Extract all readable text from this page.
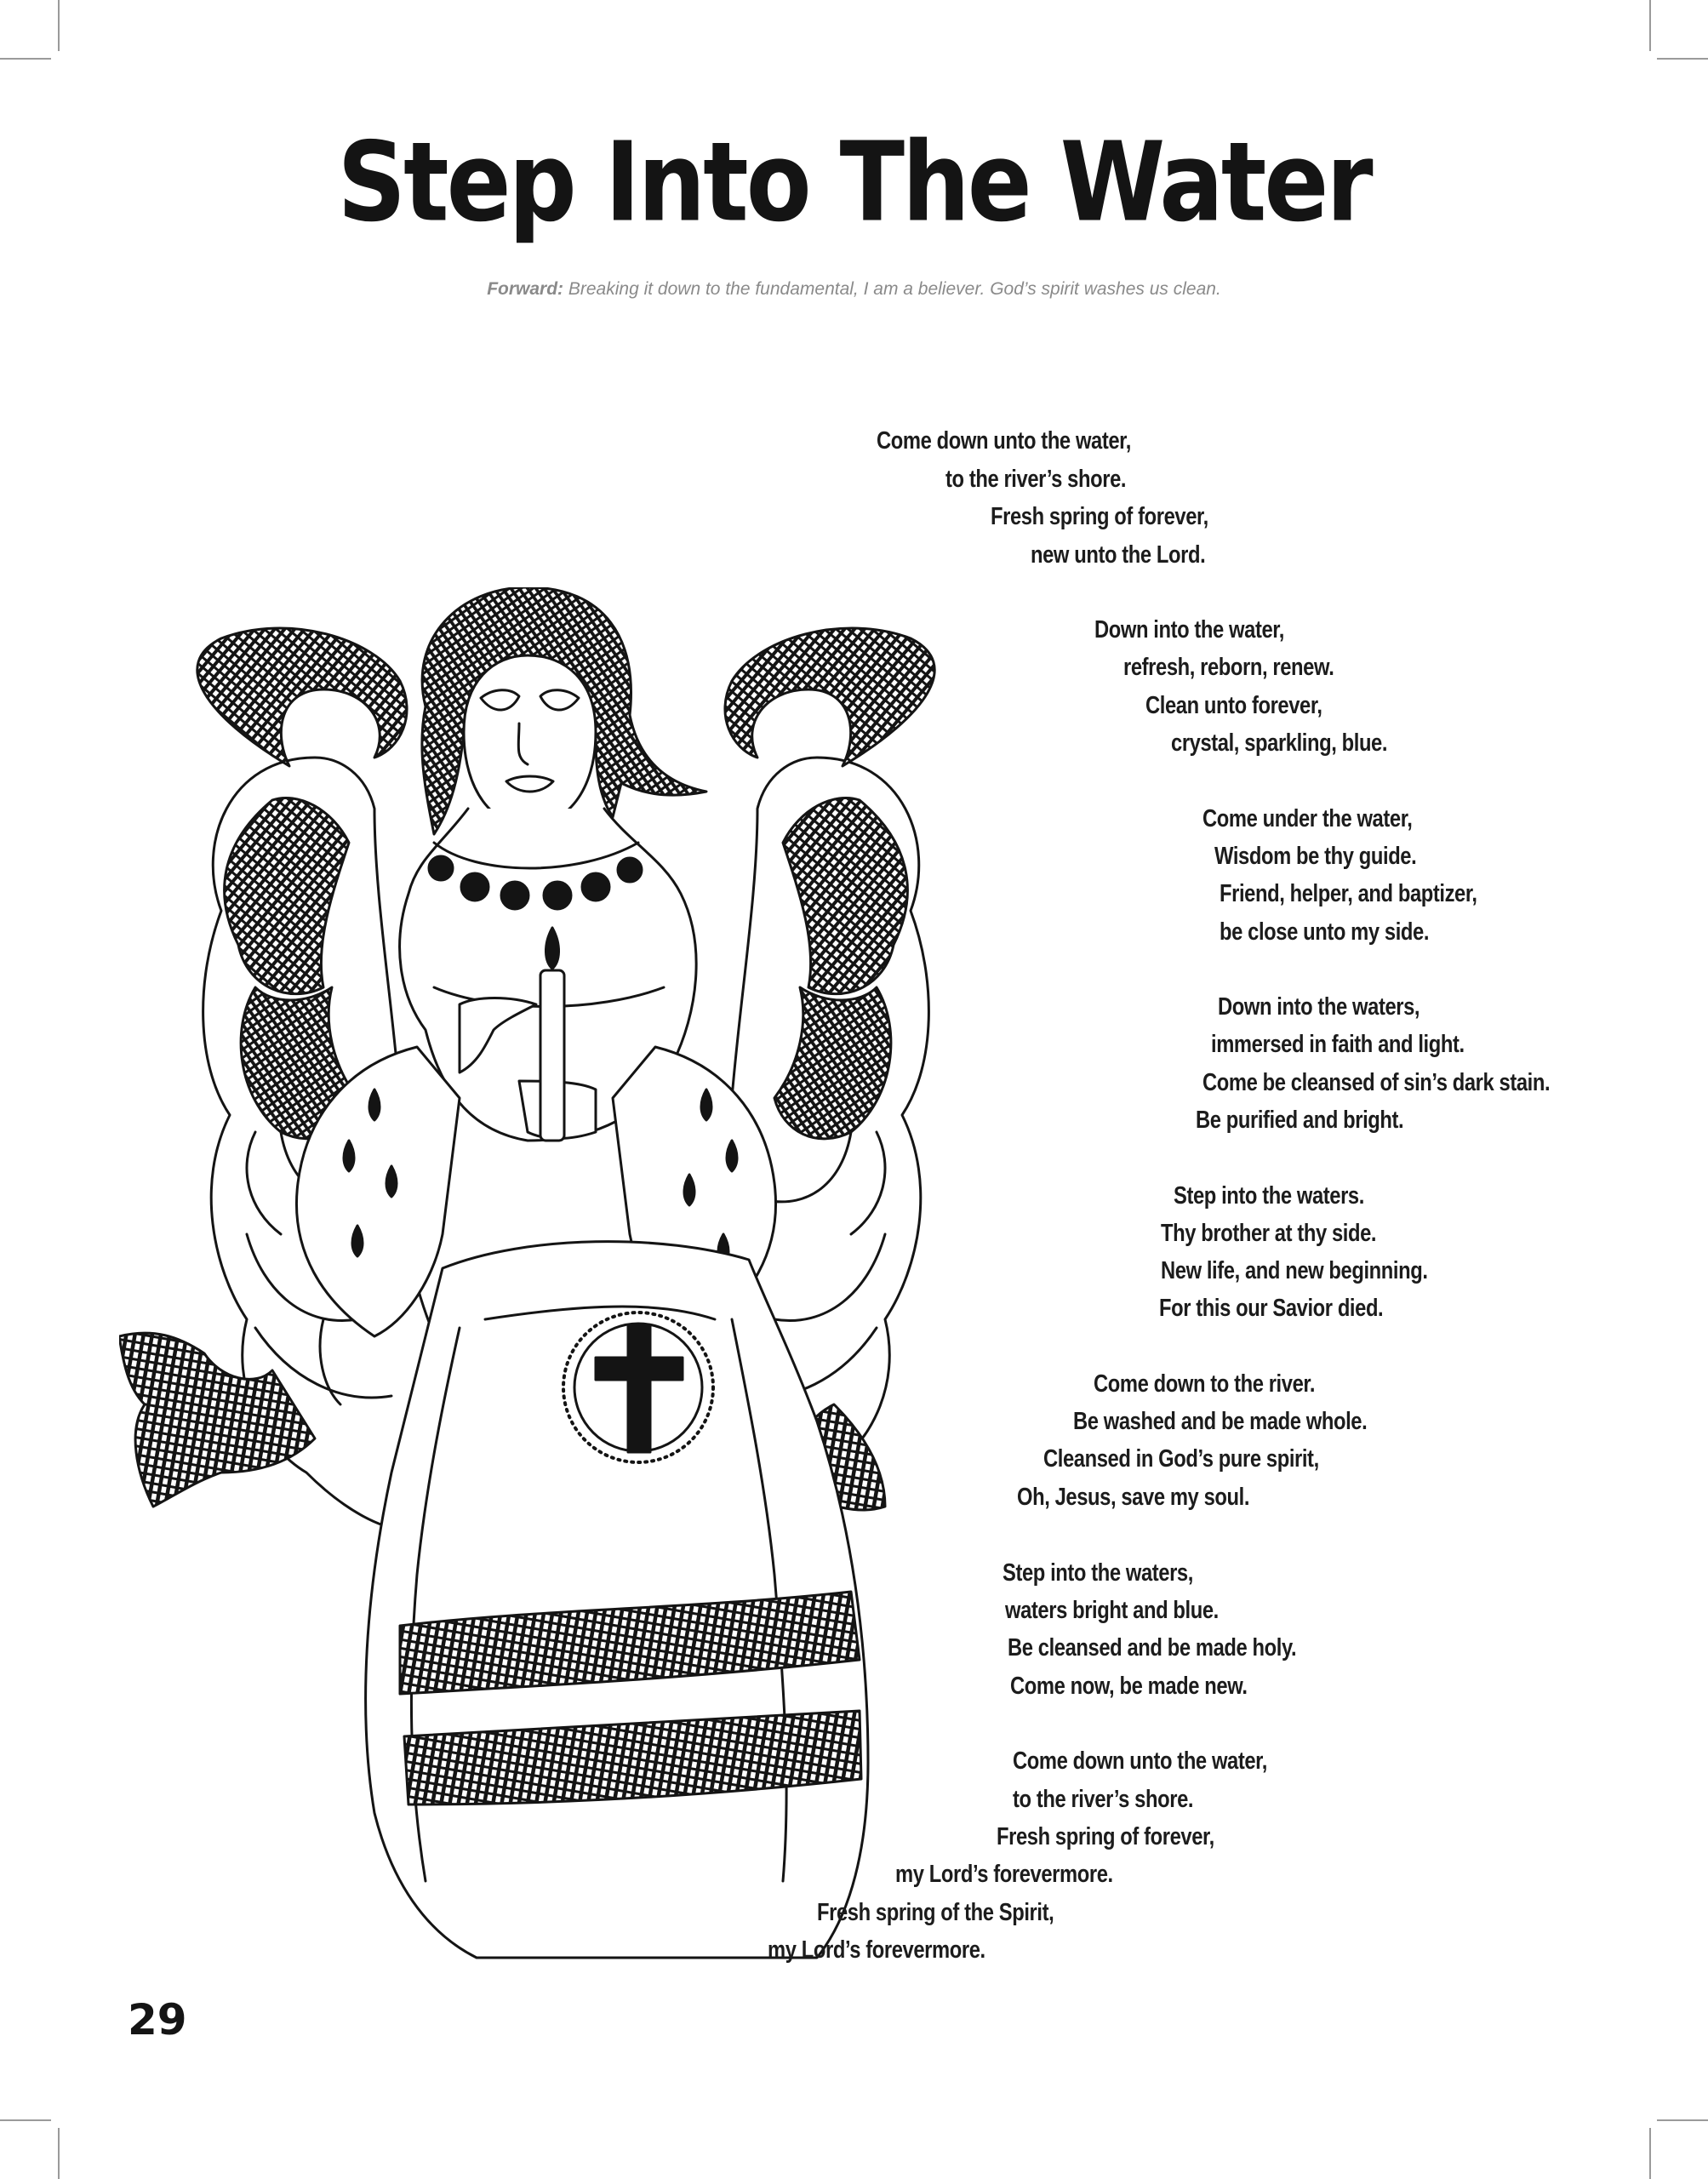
Step Into The Water
Forward: Breaking it down to the fundamental, I am a believer. God’s spirit washes us clean.
Come down unto the water,
to the river’s shore.
Fresh spring of forever,
new unto the Lord.
Down into the water,
refresh, reborn, renew.
Clean unto forever,
crystal, sparkling, blue.
Come under the water,
Wisdom be thy guide.
Friend, helper, and baptizer,
be close unto my side.
Down into the waters,
immersed in faith and light.
Come be cleansed of sin’s dark stain.
Be purified and bright.
Step into the waters.
Thy brother at thy side.
New life, and new beginning.
For this our Savior died.
Come down to the river.
Be washed and be made whole.
Cleansed in God’s pure spirit,
Oh, Jesus, save my soul.
Step into the waters,
waters bright and blue.
Be cleansed and be made holy.
Come now, be made new.
Come down unto the water,
to the river’s shore.
Fresh spring of forever,
my Lord’s forevermore.
Fresh spring of the Spirit,
my Lord’s forevermore.
29
